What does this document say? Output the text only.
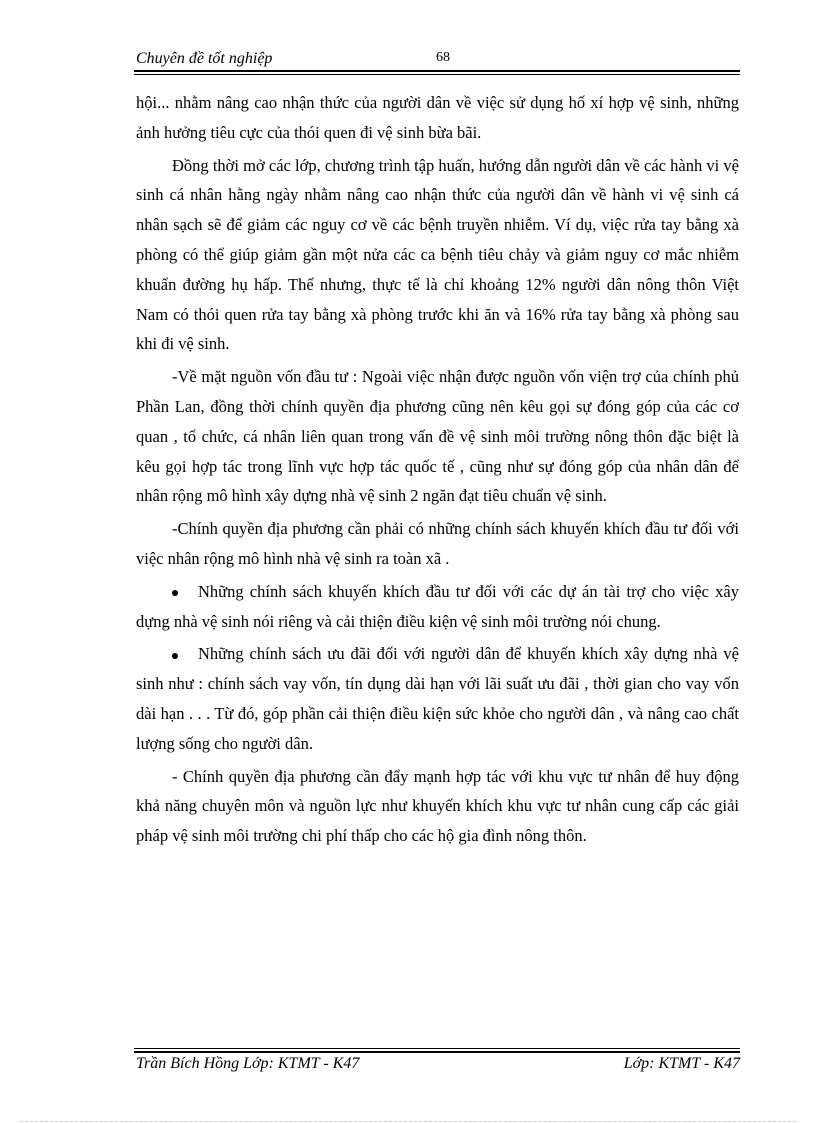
Chuyên đề tốt nghiệp	68

hội... nhằm nâng cao nhận thức của người dân về việc sử dụng hố xí hợp vệ sinh, những ảnh hưởng tiêu cực của thói quen đi vệ sinh bừa bãi.

Đồng thời mở các lớp, chương trình tập huấn, hướng dẫn người dân về các hành vi vệ sinh cá nhân hằng ngày nhằm nâng cao nhận thức của người dân về hành vi vệ sinh cá nhân sạch sẽ để giảm các nguy cơ về các bệnh truyền nhiễm. Ví dụ, việc rửa tay bằng xà phòng có thể giúp giảm gần một nửa các ca bệnh tiêu chảy và giảm nguy cơ mắc nhiễm khuẩn đường hụ hấp. Thế nhưng, thực tế là chỉ khoảng 12% người dân nông thôn Việt Nam có thói quen rửa tay bằng xà phòng trước khi ăn và 16% rửa tay bằng xà phòng sau khi đi vệ sinh.

-Về mặt nguồn vốn đầu tư : Ngoài việc nhận được nguồn vốn viện trợ của chính phủ Phần Lan, đồng thời chính quyền địa phương cũng nên kêu gọi sự đóng góp của các cơ quan , tổ chức, cá nhân liên quan trong vấn đề vệ sinh môi trường nông thôn đặc biệt là kêu gọi hợp tác trong lĩnh vực hợp tác quốc tế , cũng như sự đóng góp của nhân dân để nhân rộng mô hình xây dựng nhà vệ sinh 2 ngăn đạt tiêu chuẩn vệ sinh.

-Chính quyền địa phương cần phải có những chính sách khuyến khích đầu tư đối với việc nhân rộng mô hình nhà vệ sinh ra toàn xã .

Những chính sách khuyến khích đầu tư đối với các dự án tài trợ cho việc xây dựng nhà vệ sinh nói riêng và cải thiện điều kiện vệ sinh môi trường nói chung.

Những chính sách ưu đãi đối với người dân để khuyến khích xây dựng nhà vệ sinh như : chính sách vay vốn, tín dụng dài hạn với lãi suất ưu đãi , thời gian cho vay vốn dài hạn . . . Từ đó, góp phần cải thiện điều kiện sức khỏe cho người dân , và nâng cao chất lượng sống cho người dân.

- Chính quyền địa phương cần đẩy mạnh hợp tác với khu vực tư nhân để huy động khả năng chuyên môn và nguồn lực như khuyến khích khu vực tư nhân cung cấp các giải pháp vệ sinh môi trường chi phí thấp cho các hộ gia đình nông thôn.

Trần Bích Hồng Lớp: KTMT - K47	Lớp: KTMT - K47
